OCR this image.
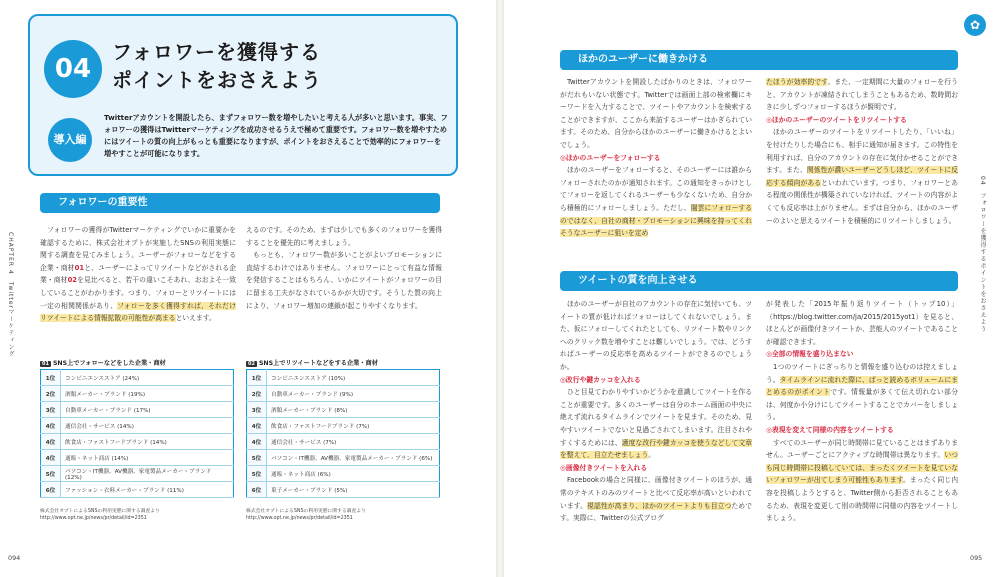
04
フォロワーを獲得する
ポイントをおさえよう
導入編
Twitterアカウントを開設したら、まずフォロワー数を増やしたいと考える人が多いと思います。事実、フォロワーの獲得はTwitterマーケティングを成功させるうえで極めて重要です。フォロワー数を増やすためにはツイートの質の向上がもっとも重要になりますが、ポイントをおさえることで効率的にフォロワーを増やすことが可能になります。
フォロワーの重要性
CHAPTER 4　Twitterマーケティング

フォロワーの獲得がTwitterマーケティングでいかに重要かを確認するために、株式会社オプトが実施したSNSの利用実態に関する調査を見てみましょう。ユーザーがフォローなどをする企業・商材01と、ユーザーによってリツイートなどがされる企業・商材02を見比べると、若干の違いこそあれ、おおよそ一致していることがわかります。つまり、フォローとリツイートには一定の相関関係があり、フォローを多く獲得すれば、それだけリツイートによる情報拡散の可能性が高まるといえます。

えるのです。そのため、まずは少しでも多くのフォロワーを獲得することを優先的に考えましょう。

もっとも、フォロワー数が多いことがよいプロモーションに直結するわけではありません。フォロワーにとって有益な情報を発信することはもちろん、いかにツイートがフォロワーの目に留まる工夫がなされているかが大切です。そうした質の向上により、フォロワー増加の連鎖が起こりやすくなります。

01 SNS上でフォローなどをした企業・商材
1位	コンビニエンスストア (24%)
2位	酒類メーカー・ブランド (19%)
3位	自動車メーカー・ブランド (17%)
4位	通信会社・サービス (14%)
4位	飲食店・ファストフードブランド (14%)
4位	通販・ネット商店 (14%)
5位	パソコン・IT機器、AV機器、家電製品メーカー・ブランド (12%)
6位	ファッション・衣料メーカー・ブランド (11%)
株式会社オプトによるSNSの利用実態に関する調査より
http://www.opt.ne.jp/news/pr/detail/id=2351
02 SNS上でリツイートなどをする企業・商材
1位	コンビニエンスストア (10%)
2位	自動車メーカー・ブランド (9%)
3位	酒類メーカー・ブランド (8%)
4位	飲食店・ファストフードブランド (7%)
4位	通信会社・サービス (7%)
5位	パソコン・IT機器、AV機器、家電製品メーカー・ブランド (6%)
5位	通販・ネット商店 (6%)
6位	菓子メーカー・ブランド (5%)
株式会社オプトによるSNSの利用実態に関する調査より
http://www.opt.ne.jp/news/pr/detail/id=2351
094
ほかのユーザーに働きかける

Twitterアカウントを開設したばかりのときは、フォロワーがだれもいない状態です。Twitterでは画面上部の検索欄にキーワードを入力することで、ツイートやアカウントを検索することができますが、ここから来訪するユーザーはかぎられています。そのため、自分からほかのユーザーに働きかけるとよいでしょう。

◎ほかのユーザーをフォローする

ほかのユーザーをフォローすると、そのユーザーには誰からフォローされたのかが通知されます。この通知をきっかけとしてフォローを返してくれるユーザーも少なくないため、自分から積極的にフォローしましょう。ただし、闇雲にフォローするのではなく、自社の商材・プロモーションに興味を持ってくれそうなユーザーに狙いを定め

たほうが効率的です。また、一定期間に大量のフォローを行うと、アカウントが凍結されてしまうこともあるため、数時間おきに少しずつフォローするほうが賢明です。

◎ほかのユーザーのツイートをリツイートする

ほかのユーザーのツイートをリツイートしたり、「いいね」を付けたりした場合にも、相手に通知が届きます。この特性を利用すれば、自分のアカウントの存在に気付かせることができます。また、関係性が濃いユーザーどうしほど、ツイートに反応する傾向があるといわれています。つまり、フォロワーとある程度の関係性が構築されていなければ、ツイートの内容がよくても反応率は上がりません。まずは自分から、ほかのユーザーのよいと思えるツイートを積極的にリツイートしましょう。

ツイートの質を向上させる

ほかのユーザーが自社のアカウントの存在に気付いても、ツイートの質が低ければフォローはしてくれないでしょう。また、仮にフォローしてくれたとしても、リツイート数やリンクへのクリック数を増やすことは難しいでしょう。では、どうすればユーザーの反応率を高めるツイートができるのでしょうか。

◎改行や鍵カッコを入れる

ひと目見てわかりやすいかどうかを意識してツイートを作ることが重要です。多くのユーザーは自分のホーム画面の中央に絶えず流れるタイムラインでツイートを見ます。そのため、見やすいツイートでないと見過ごされてしまいます。注目されやすくするためには、適度な改行や鍵カッコを使うなどして文章を整えて、目立たせましょう。

◎画像付きツイートを入れる

Facebookの場合と同様に、画像付きツイートのほうが、通常のテキストのみのツイートと比べて反応率が高いといわれています。視認性が高まり、ほかのツイートよりも目立つためです。実際に、Twitterの公式ブログ

が発表した「2015年振り返りツイート（トップ10）」（https://blog.twitter.com/ja/2015/2015yot1）を見ると、ほとんどが画像付きツイートか、芸能人のツイートであることが確認できます。

◎全部の情報を盛り込まない

1つのツイートにぎっちりと情報を盛り込むのは控えましょう。タイムラインに流れた際に、ぱっと読めるボリュームにまとめるのがポイントです。情報量が多くて伝え切れない部分は、何度か小分けにしてツイートすることでカバーをしましょう。

◎表現を変えて同様の内容をツイートする

すべてのユーザーが同じ時間帯に見ていることはまずありません。ユーザーごとにアクティブな時間帯は異なります。いつも同じ時間帯に投稿していては、まったくツイートを見ていないフォロワーが出てしまう可能性もあります。まったく同じ内容を投稿しようとすると、Twitter側から拒否されることもあるため、表現を変更して別の時間帯に同様の内容をツイートしましょう。

04　フォロワーを獲得するポイントをおさえよう
095
✿
